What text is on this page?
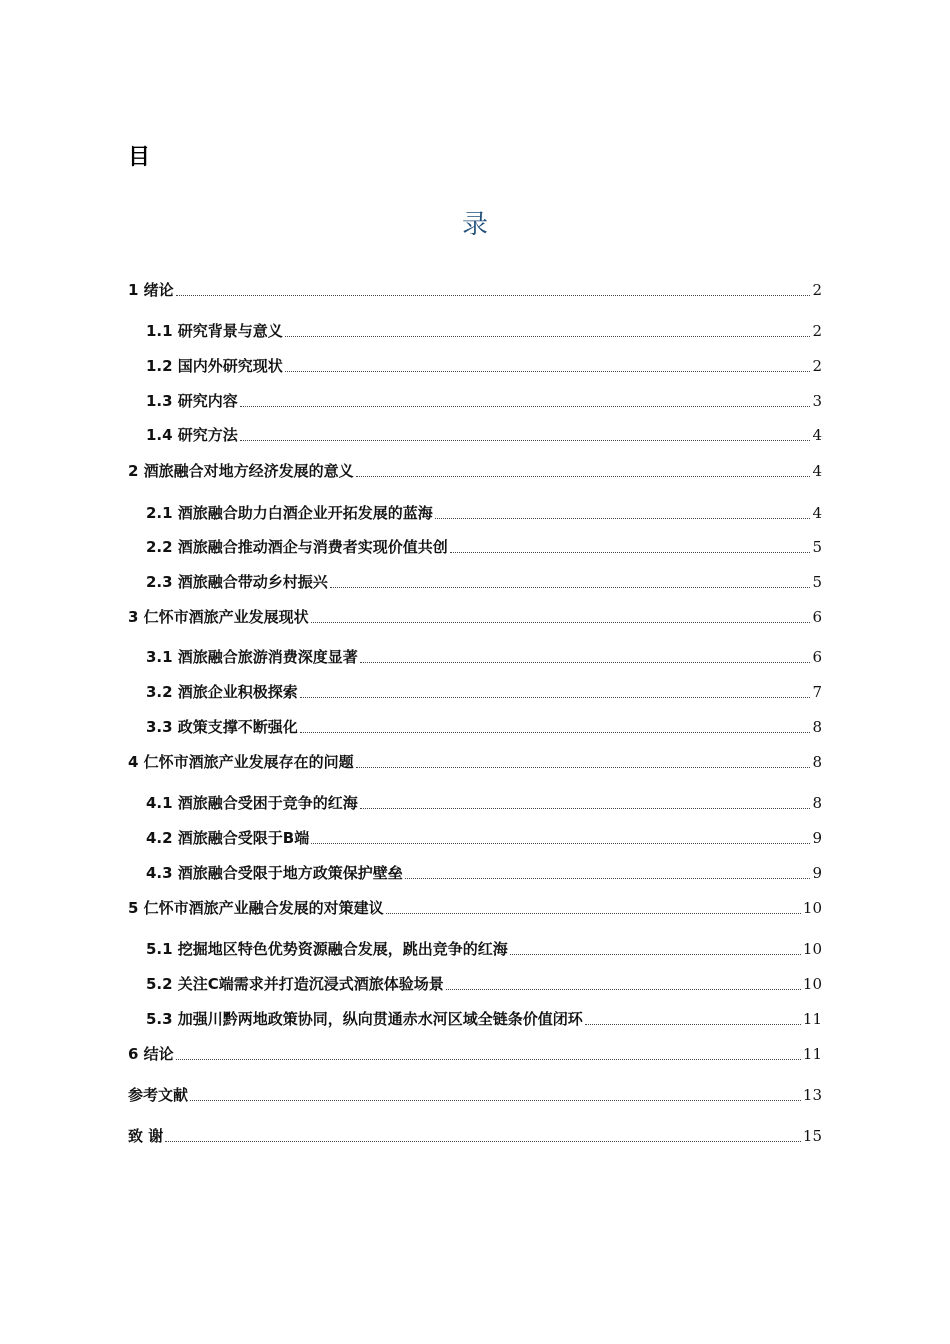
目
录
1 绪论	2
1.1 研究背景与意义	2
1.2 国内外研究现状	2
1.3 研究内容	3
1.4 研究方法	4
2 酒旅融合对地方经济发展的意义	4
2.1 酒旅融合助力白酒企业开拓发展的蓝海	4
2.2 酒旅融合推动酒企与消费者实现价值共创	5
2.3 酒旅融合带动乡村振兴	5
3 仁怀市酒旅产业发展现状	6
3.1 酒旅融合旅游消费深度显著	6
3.2 酒旅企业积极探索	7
3.3 政策支撑不断强化	8
4 仁怀市酒旅产业发展存在的问题	8
4.1 酒旅融合受困于竞争的红海	8
4.2 酒旅融合受限于B端	9
4.3 酒旅融合受限于地方政策保护壁垒	9
5 仁怀市酒旅产业融合发展的对策建议	10
5.1 挖掘地区特色优势资源融合发展，跳出竞争的红海	10
5.2 关注C端需求并打造沉浸式酒旅体验场景	10
5.3 加强川黔两地政策协同，纵向贯通赤水河区域全链条价值闭环	11
6 结论	11
参考文献	13
致 谢	15
